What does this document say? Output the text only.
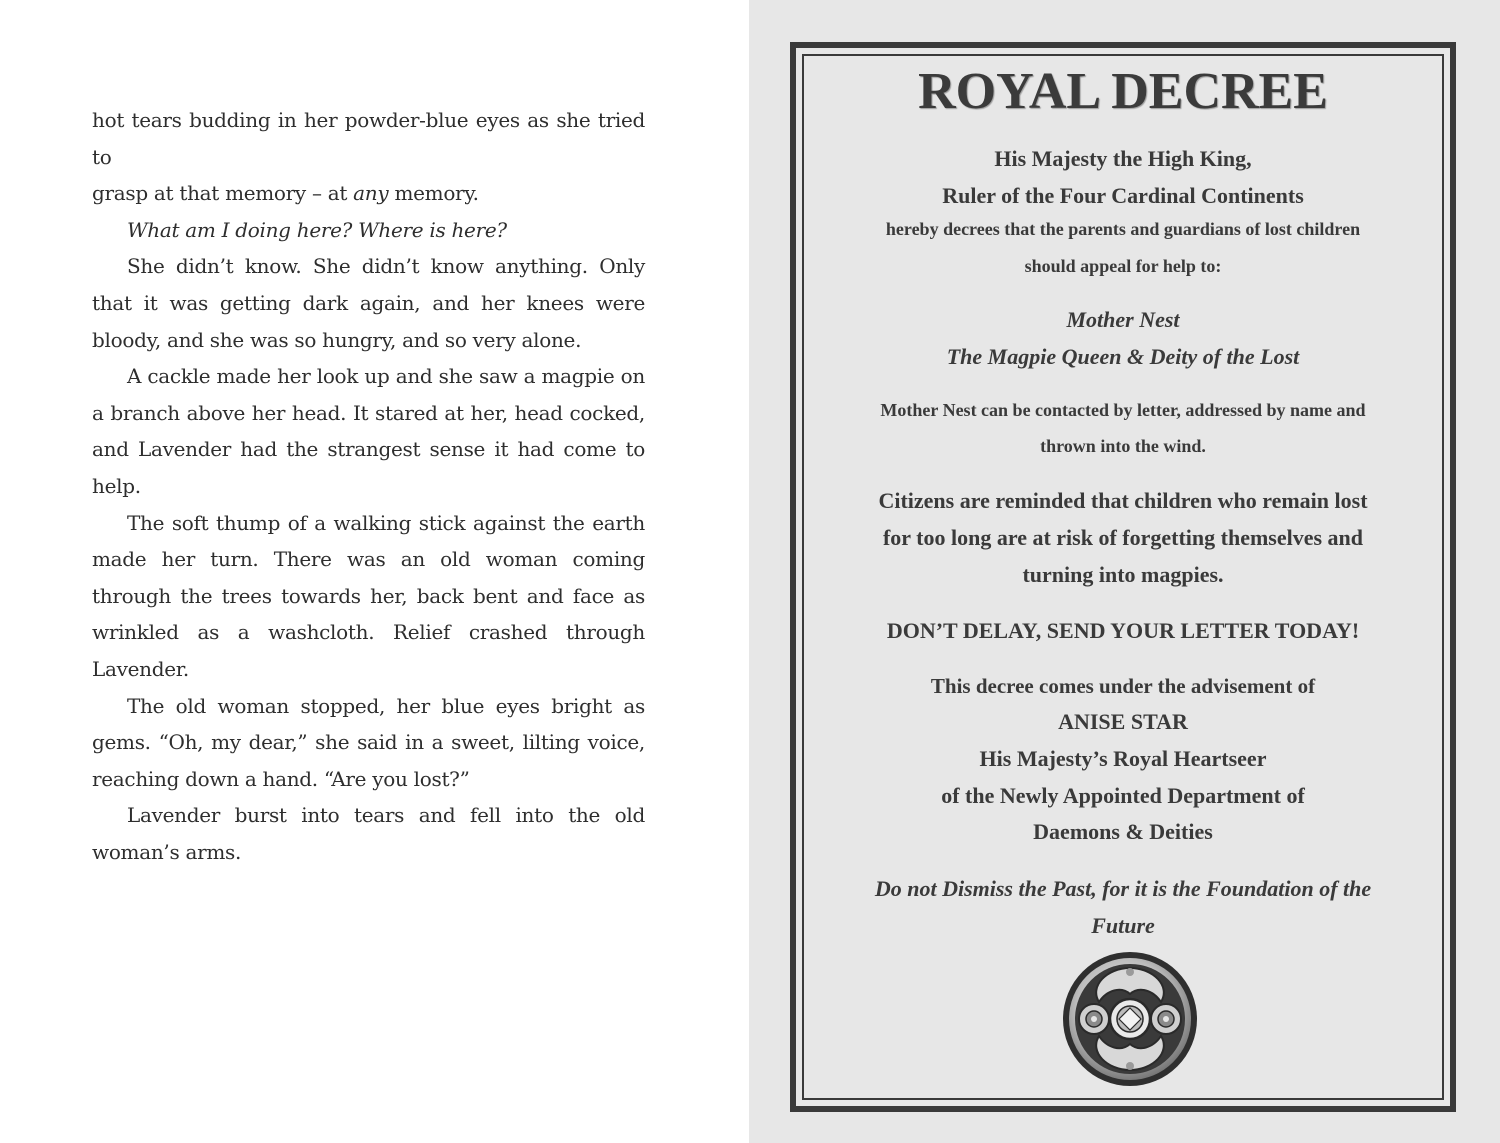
hot tears budding in her powder-blue eyes as she tried to

grasp at that memory – at any memory.

What am I doing here? Where is here?

She didn’t know. She didn’t know anything. Only that it was getting dark again, and her knees were bloody, and she was so hungry, and so very alone.

A cackle made her look up and she saw a magpie on a branch above her head. It stared at her, head cocked, and Lavender had the strangest sense it had come to help.

The soft thump of a walking stick against the earth made her turn. There was an old woman coming through the trees towards her, back bent and face as wrinkled as a washcloth. Relief crashed through Lavender.

The old woman stopped, her blue eyes bright as gems. “Oh, my dear,” she said in a sweet, lilting voice, reaching down a hand. “Are you lost?”

Lavender burst into tears and fell into the old woman’s arms.

ROYAL DECREE
His Majesty the High King,
Ruler of the Four Cardinal Continents
hereby decrees that the parents and guardians of lost children
should appeal for help to:
Mother Nest
The Magpie Queen & Deity of the Lost
Mother Nest can be contacted by letter, addressed by name and
thrown into the wind.
Citizens are reminded that children who remain lost
for too long are at risk of forgetting themselves and
turning into magpies.
DON’T DELAY, SEND YOUR LETTER TODAY!
This decree comes under the advisement of
ANISE STAR
His Majesty’s Royal Heartseer
of the Newly Appointed Department of
Daemons & Deities
Do not Dismiss the Past, for it is the Foundation of the
Future
